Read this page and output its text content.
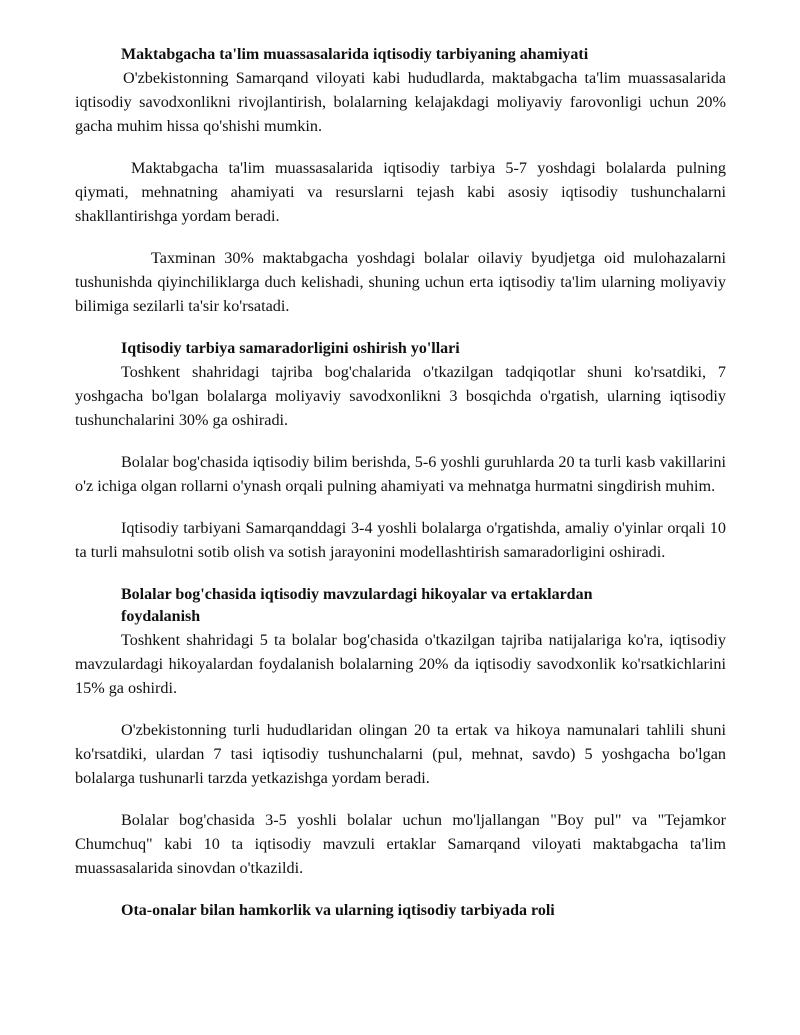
Maktabgacha ta'lim muassasalarida iqtisodiy tarbiyaning ahamiyati

O'zbekistonning Samarqand viloyati kabi hududlarda, maktabgacha ta'lim muassasalarida iqtisodiy savodxonlikni rivojlantirish, bolalarning kelajakdagi moliyaviy farovonligi uchun 20% gacha muhim hissa qo'shishi mumkin.

Maktabgacha ta'lim muassasalarida iqtisodiy tarbiya 5-7 yoshdagi bolalarda pulning qiymati, mehnatning ahamiyati va resurslarni tejash kabi asosiy iqtisodiy tushunchalarni shakllantirishga yordam beradi.

Taxminan 30% maktabgacha yoshdagi bolalar oilaviy byudjetga oid mulohazalarni tushunishda qiyinchiliklarga duch kelishadi, shuning uchun erta iqtisodiy ta'lim ularning moliyaviy bilimiga sezilarli ta'sir ko'rsatadi.

Iqtisodiy tarbiya samaradorligini oshirish yo'llari

Toshkent shahridagi tajriba bog'chalarida o'tkazilgan tadqiqotlar shuni ko'rsatdiki, 7 yoshgacha bo'lgan bolalarga moliyaviy savodxonlikni 3 bosqichda o'rgatish, ularning iqtisodiy tushunchalarini 30% ga oshiradi.

Bolalar bog'chasida iqtisodiy bilim berishda, 5-6 yoshli guruhlarda 20 ta turli kasb vakillarini o'z ichiga olgan rollarni o'ynash orqali pulning ahamiyati va mehnatga hurmatni singdirish muhim.

Iqtisodiy tarbiyani Samarqanddagi 3-4 yoshli bolalarga o'rgatishda, amaliy o'yinlar orqali 10 ta turli mahsulotni sotib olish va sotish jarayonini modellashtirish samaradorligini oshiradi.

Bolalar bog'chasida iqtisodiy mavzulardagi hikoyalar va ertaklardan foydalanish

Toshkent shahridagi 5 ta bolalar bog'chasida o'tkazilgan tajriba natijalariga ko'ra, iqtisodiy mavzulardagi hikoyalardan foydalanish bolalarning 20% da iqtisodiy savodxonlik ko'rsatkichlarini 15% ga oshirdi.

O'zbekistonning turli hududlaridan olingan 20 ta ertak va hikoya namunalari tahlili shuni ko'rsatdiki, ulardan 7 tasi iqtisodiy tushunchalarni (pul, mehnat, savdo) 5 yoshgacha bo'lgan bolalarga tushunarli tarzda yetkazishga yordam beradi.

Bolalar bog'chasida 3-5 yoshli bolalar uchun mo'ljallangan "Boy pul" va "Tejamkor Chumchuq" kabi 10 ta iqtisodiy mavzuli ertaklar Samarqand viloyati maktabgacha ta'lim muassasalarida sinovdan o'tkazildi.

Ota-onalar bilan hamkorlik va ularning iqtisodiy tarbiyada roli
